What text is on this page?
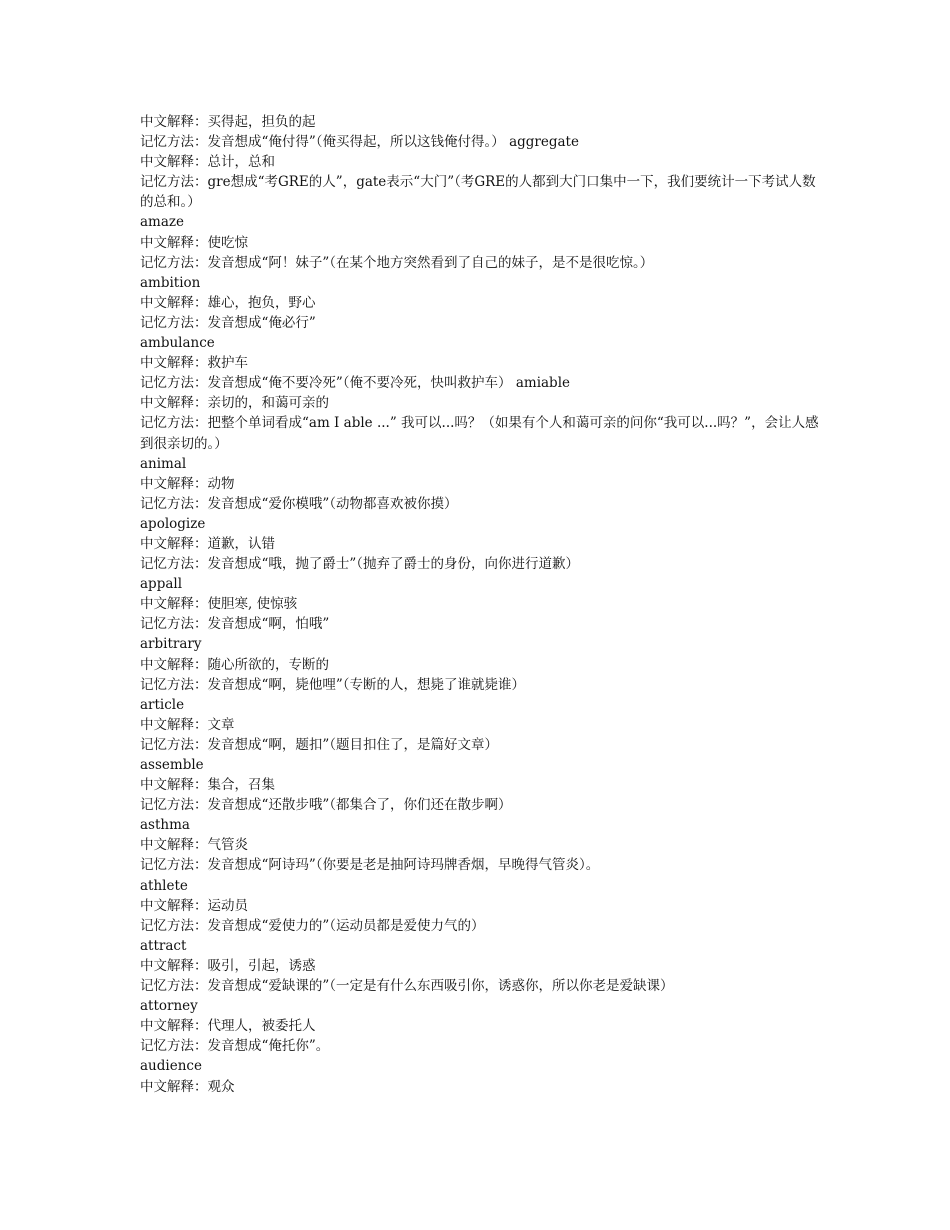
中文解释：买得起，担负的起
记忆方法：发音想成“俺付得”（俺买得起，所以这钱俺付得。） aggregate
中文解释：总计，总和
记忆方法：gre想成“考GRE的人”，gate表示“大门”（考GRE的人都到大门口集中一下，我们要统计一下考试人数的总和。）
amaze
中文解释：使吃惊
记忆方法：发音想成“阿！妹子”（在某个地方突然看到了自己的妹子，是不是很吃惊。）
ambition
中文解释：雄心，抱负，野心
记忆方法：发音想成“俺必行”
ambulance
中文解释：救护车
记忆方法：发音想成“俺不要冷死”（俺不要冷死，快叫救护车） amiable
中文解释：亲切的，和蔼可亲的
记忆方法：把整个单词看成“am I able ...” 我可以...吗？（如果有个人和蔼可亲的问你“我可以...吗？”，会让人感到很亲切的。）
animal
中文解释：动物
记忆方法：发音想成“爱你模哦”（动物都喜欢被你摸）
apologize
中文解释：道歉，认错
记忆方法：发音想成“哦，抛了爵士”（抛弃了爵士的身份，向你进行道歉）
appall
中文解释：使胆寒, 使惊骇
记忆方法：发音想成“啊，怕哦”
arbitrary
中文解释：随心所欲的，专断的
记忆方法：发音想成“啊，毙他哩”（专断的人，想毙了谁就毙谁）
article
中文解释：文章
记忆方法：发音想成“啊，题扣”（题目扣住了，是篇好文章）
assemble
中文解释：集合，召集
记忆方法：发音想成“还散步哦”（都集合了，你们还在散步啊）
asthma
中文解释：气管炎
记忆方法：发音想成“阿诗玛”（你要是老是抽阿诗玛牌香烟，早晚得气管炎）。
athlete
中文解释：运动员
记忆方法：发音想成“爱使力的”（运动员都是爱使力气的）
attract
中文解释：吸引，引起，诱惑
记忆方法：发音想成“爱缺课的”（一定是有什么东西吸引你，诱惑你，所以你老是爱缺课）
attorney
中文解释：代理人，被委托人
记忆方法：发音想成“俺托你”。
audience
中文解释：观众
